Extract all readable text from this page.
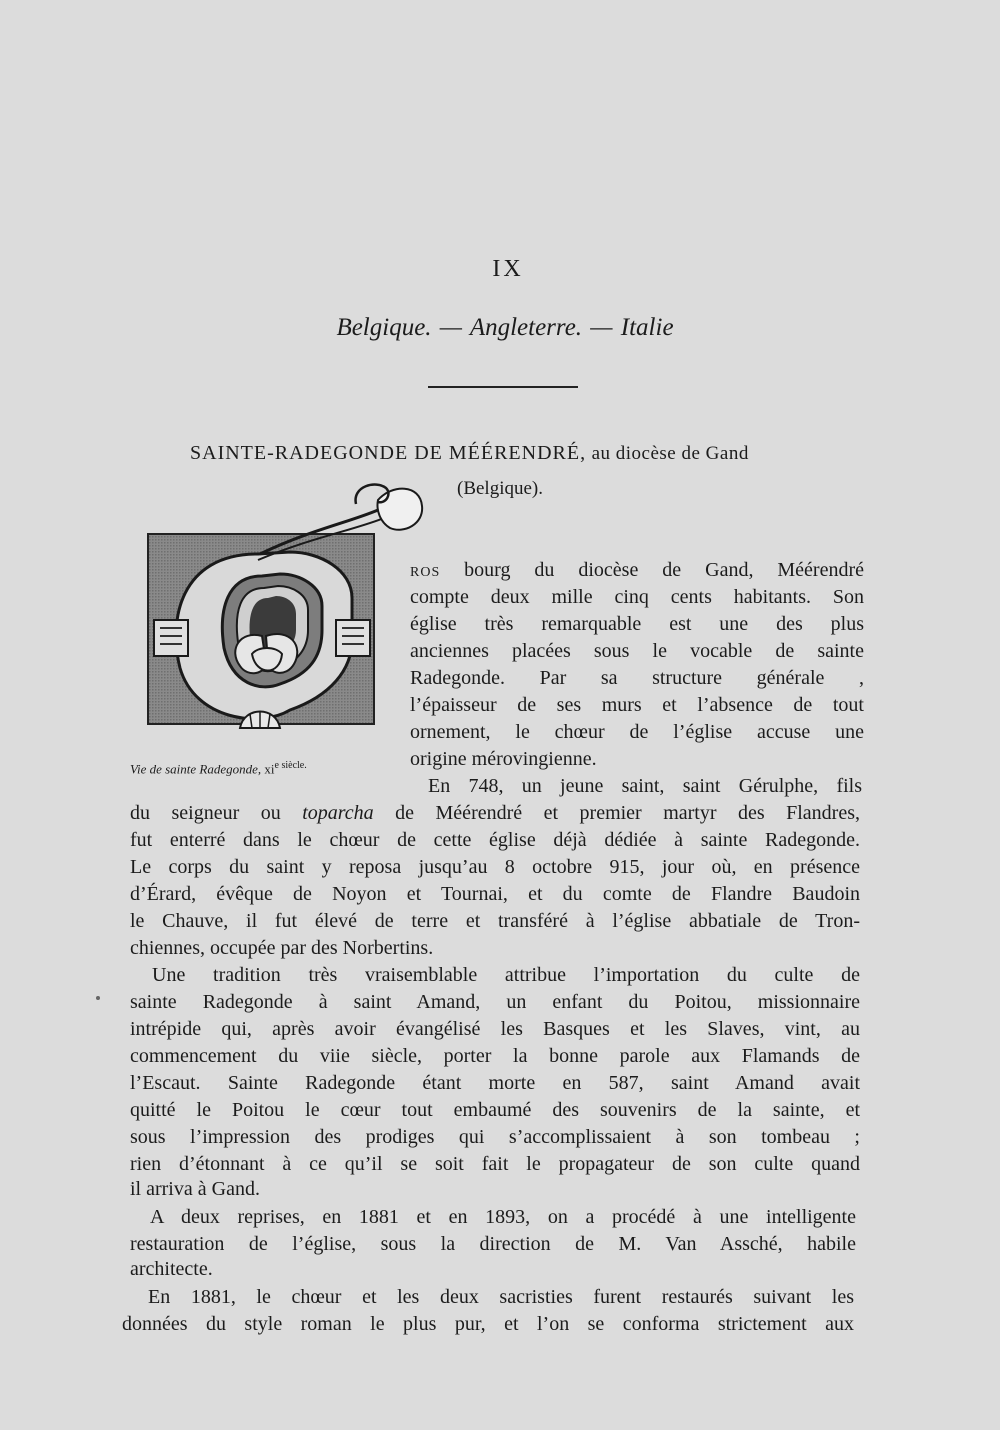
IX
Belgique. — Angleterre. — Italie
SAINTE-RADEGONDE DE MÉÉRENDRÉ, au diocèse de Gand
(Belgique).
Vie de sainte Radegonde, $xi^{e siècle.}$
ROS bourg du diocèse de Gand, Méérendré
compte deux mille cinq cents habitants. Son
église très remarquable est une des plus
anciennes placées sous le vocable de sainte
Radegonde. Par sa structure générale ,
l’épaisseur de ses murs et l’absence de tout
ornement, le chœur de l’église accuse une
origine mérovingienne.
En 748, un jeune saint, saint Gérulphe, fils
du seigneur ou toparcha de Méérendré et premier martyr des Flandres,
fut enterré dans le chœur de cette église déjà dédiée à sainte Radegonde.
Le corps du saint y reposa jusqu’au 8 octobre 915, jour où, en présence
d’Érard, évêque de Noyon et Tournai, et du comte de Flandre Baudoin
le Chauve, il fut élevé de terre et transféré à l’église abbatiale de Tron-
chiennes, occupée par des Norbertins.
Une tradition très vraisemblable attribue l’importation du culte de
sainte Radegonde à saint Amand, un enfant du Poitou, missionnaire
intrépide qui, après avoir évangélisé les Basques et les Slaves, vint, au
commencement du viie siècle, porter la bonne parole aux Flamands de
l’Escaut. Sainte Radegonde étant morte en 587, saint Amand avait
quitté le Poitou le cœur tout embaumé des souvenirs de la sainte, et
sous l’impression des prodiges qui s’accomplissaient à son tombeau ;
rien d’étonnant à ce qu’il se soit fait le propagateur de son culte quand
il arriva à Gand.
A deux reprises, en 1881 et en 1893, on a procédé à une intelligente
restauration de l’église, sous la direction de M. Van Assché, habile
architecte.
En 1881, le chœur et les deux sacristies furent restaurés suivant les
données du style roman le plus pur, et l’on se conforma strictement aux
